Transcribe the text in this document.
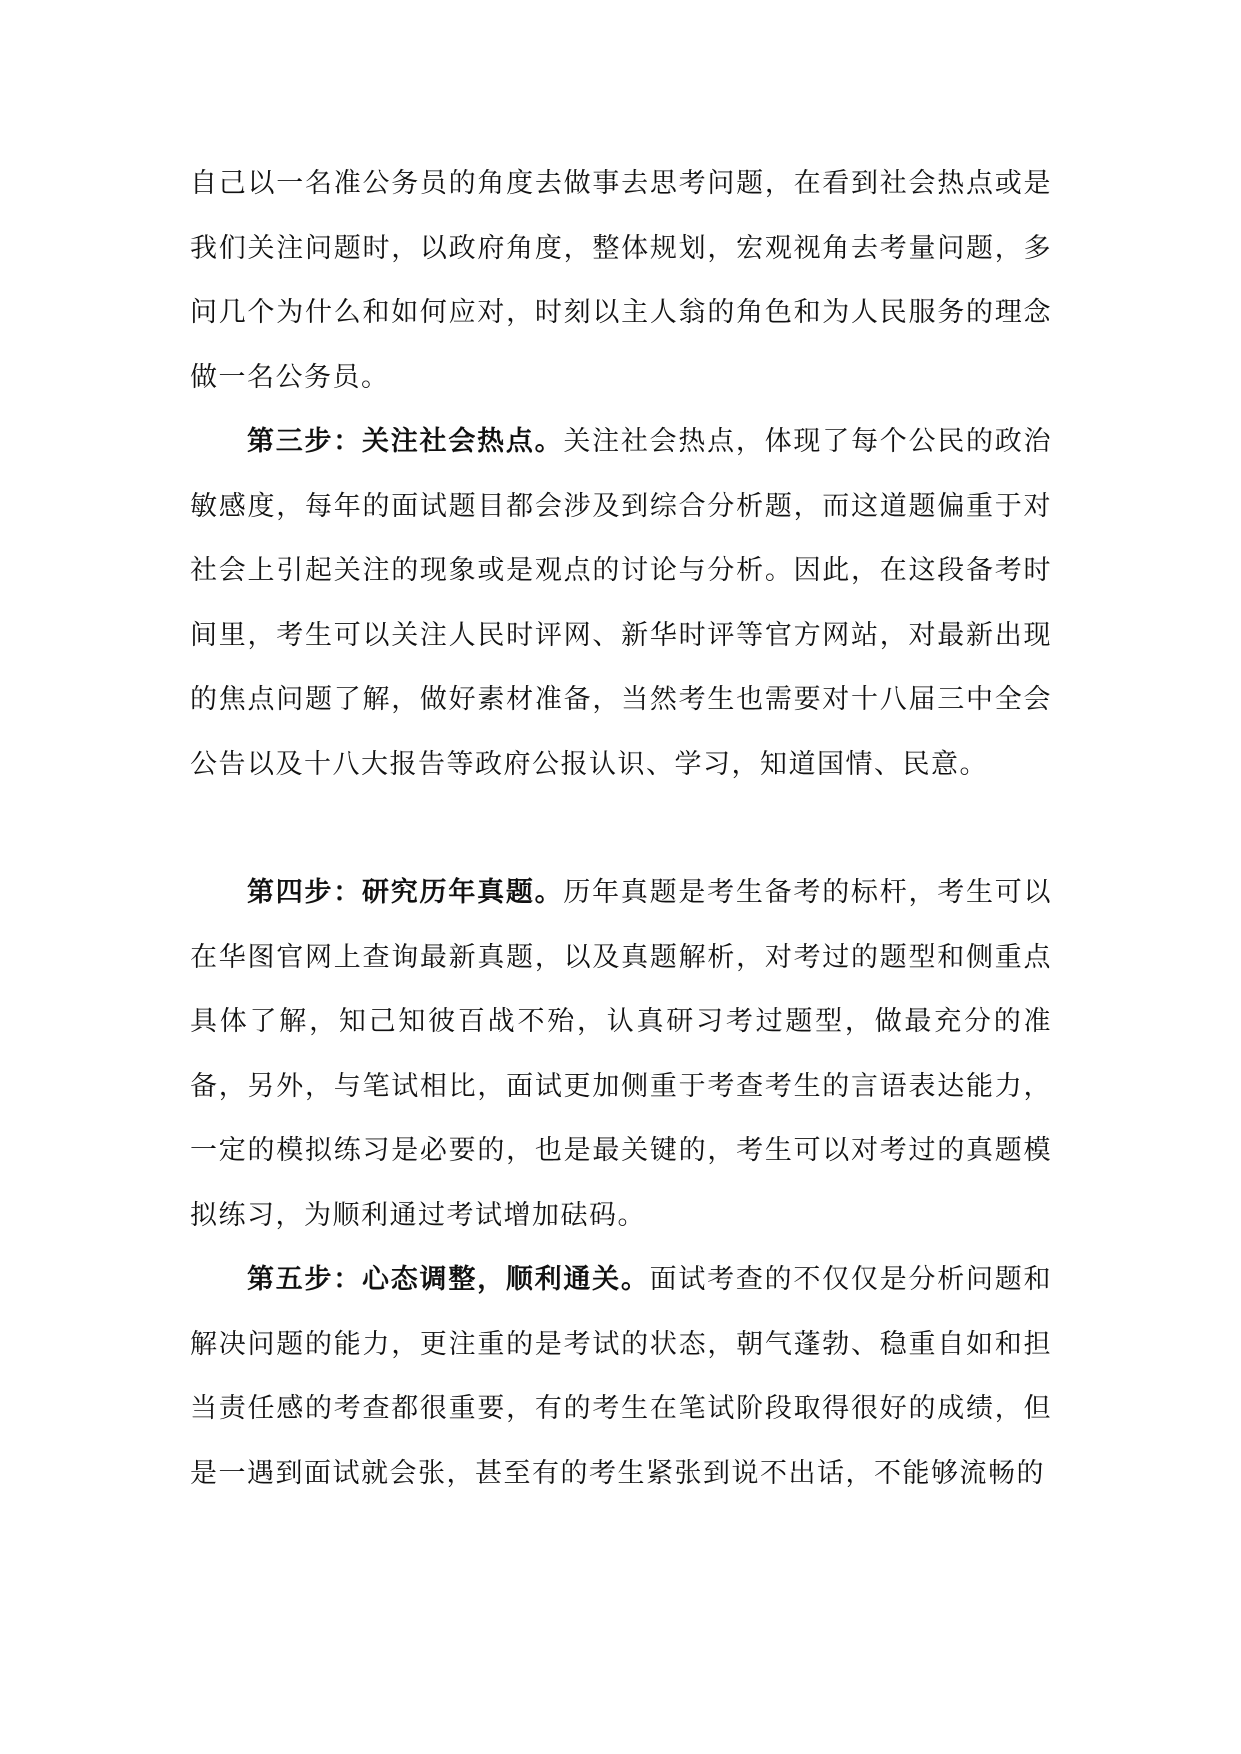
自己以一名准公务员的角度去做事去思考问题，在看到社会热点或是我们关注问题时，以政府角度，整体规划，宏观视角去考量问题，多问几个为什么和如何应对，时刻以主人翁的角色和为人民服务的理念做一名公务员。

第三步：关注社会热点。关注社会热点，体现了每个公民的政治敏感度，每年的面试题目都会涉及到综合分析题，而这道题偏重于对社会上引起关注的现象或是观点的讨论与分析。因此，在这段备考时间里，考生可以关注人民时评网、新华时评等官方网站，对最新出现的焦点问题了解，做好素材准备，当然考生也需要对十八届三中全会公告以及十八大报告等政府公报认识、学习，知道国情、民意。

第四步：研究历年真题。历年真题是考生备考的标杆，考生可以在华图官网上查询最新真题，以及真题解析，对考过的题型和侧重点具体了解，知己知彼百战不殆，认真研习考过题型，做最充分的准备，另外，与笔试相比，面试更加侧重于考查考生的言语表达能力，一定的模拟练习是必要的，也是最关键的，考生可以对考过的真题模拟练习，为顺利通过考试增加砝码。

第五步：心态调整，顺利通关。面试考查的不仅仅是分析问题和解决问题的能力，更注重的是考试的状态，朝气蓬勃、稳重自如和担当责任感的考查都很重要，有的考生在笔试阶段取得很好的成绩，但是一遇到面试就会张，甚至有的考生紧张到说不出话，不能够流畅的
